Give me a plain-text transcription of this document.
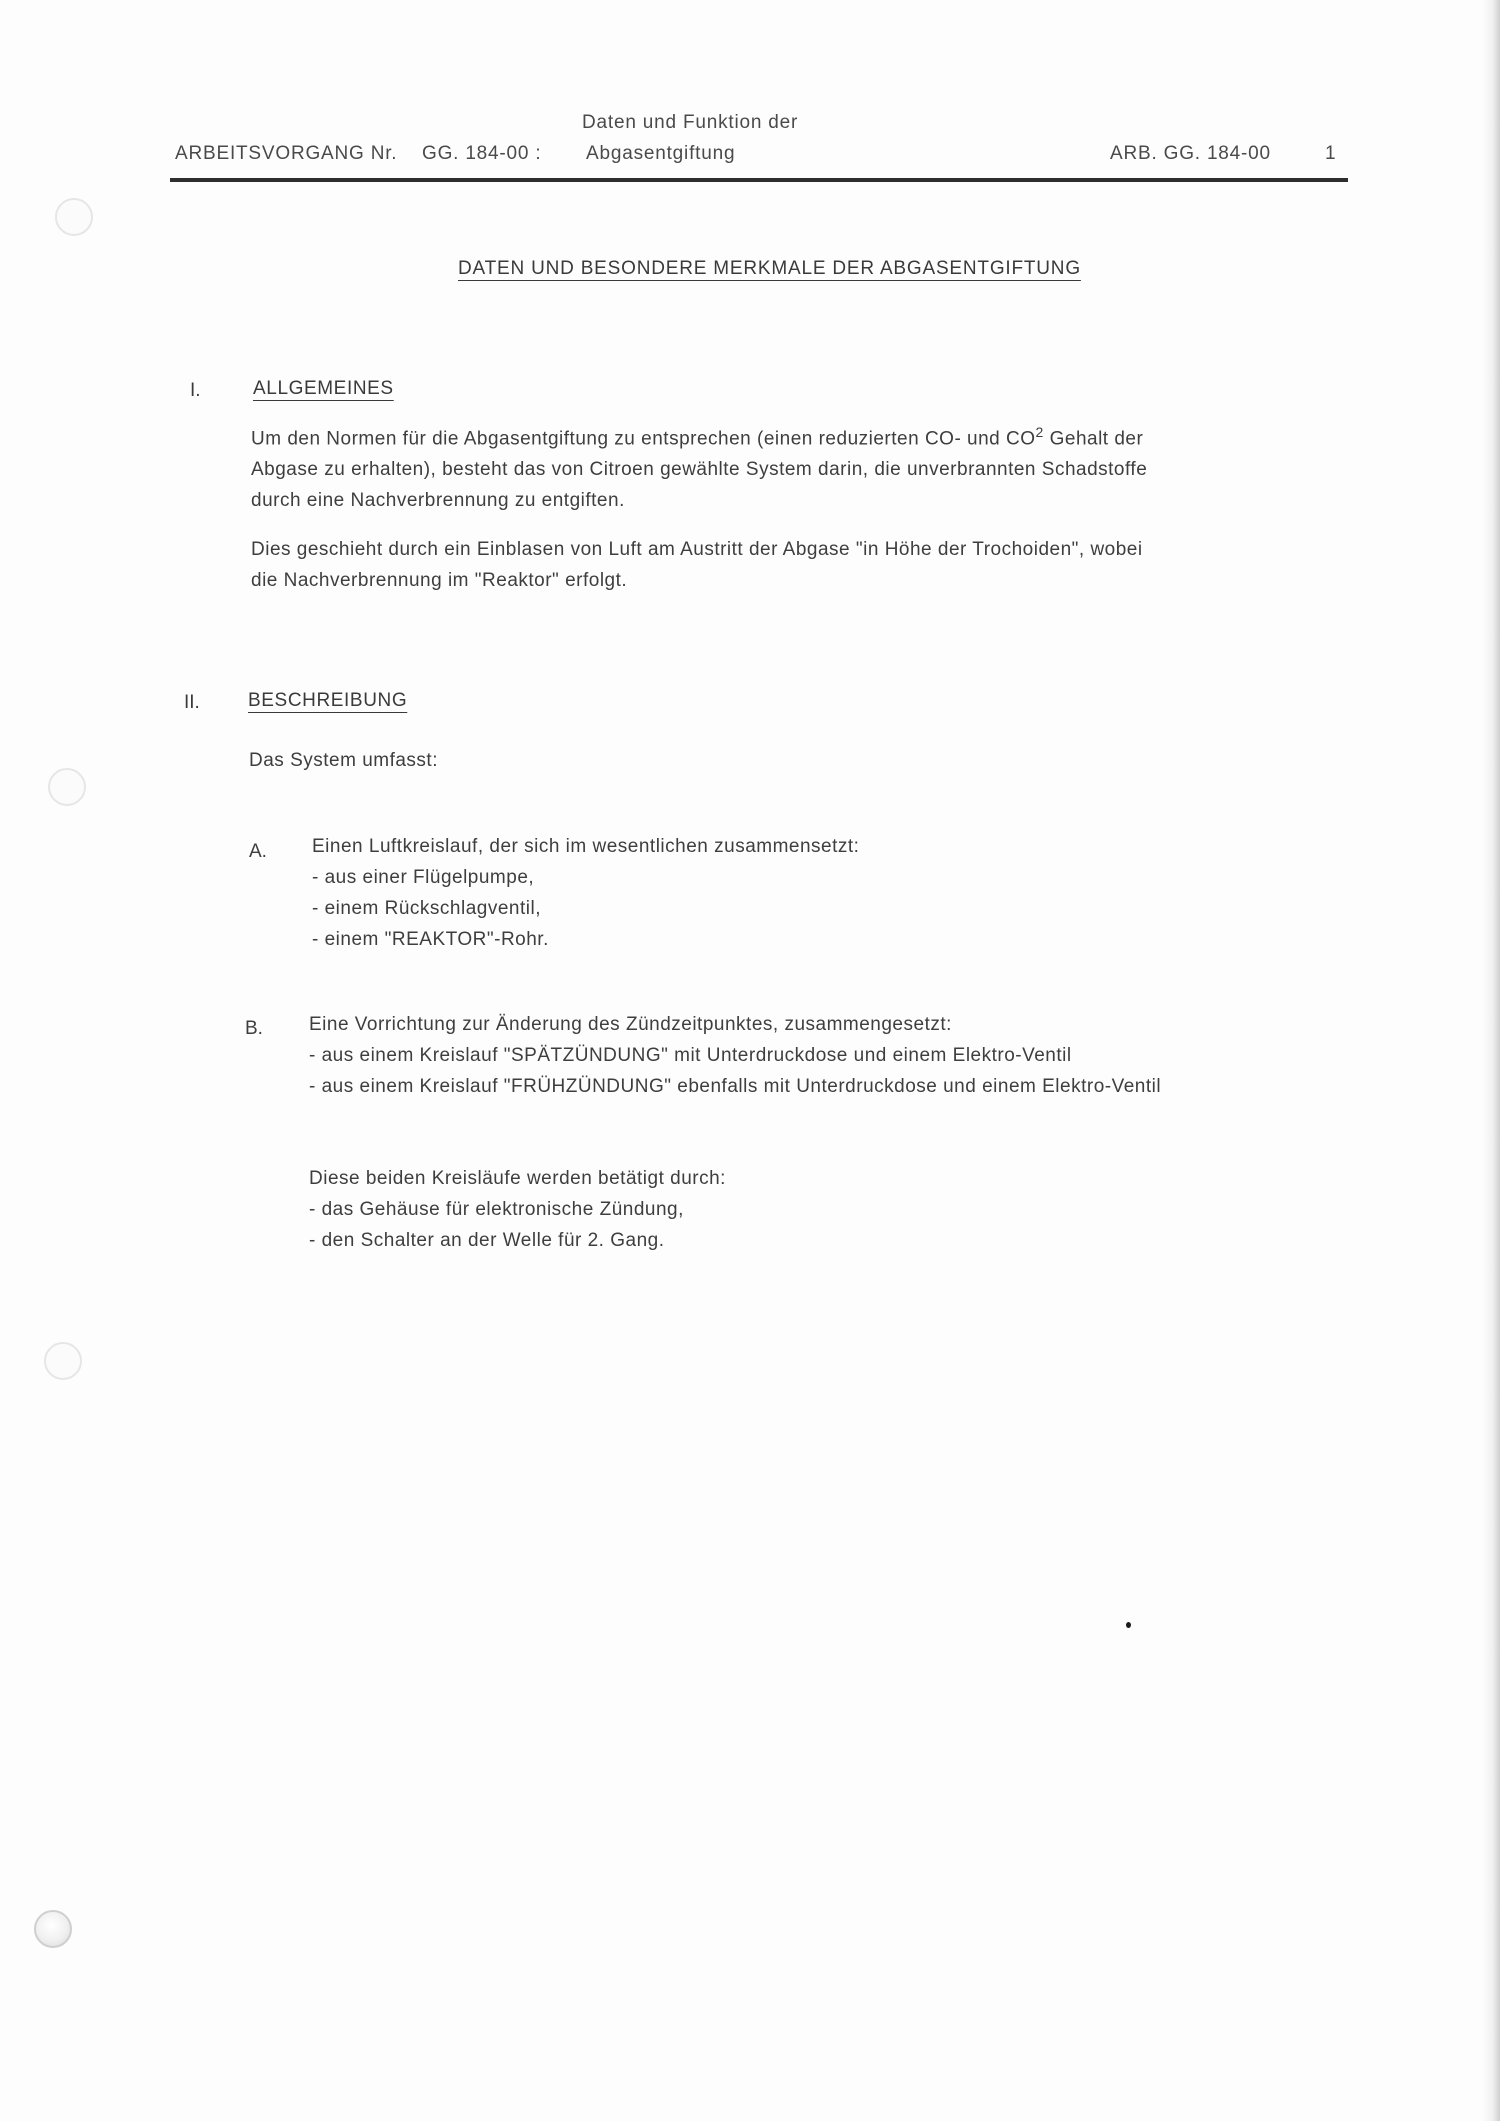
ARBEITSVORGANG Nr. GG. 184-00 :
Daten und Funktion der
Abgasentgiftung	ARB. GG. 184-00	1
DATEN UND BESONDERE MERKMALE DER ABGASENTGIFTUNG
I.	ALLGEMEINES
Um den Normen für die Abgasentgiftung zu entsprechen (einen reduzierten CO- und $CO^2$ Gehalt der
Abgase zu erhalten), besteht das von Citroen gewählte System darin, die unverbrannten Schadstoffe
durch eine Nachverbrennung zu entgiften.
Dies geschieht durch ein Einblasen von Luft am Austritt der Abgase "in Höhe der Trochoiden", wobei
die Nachverbrennung im "Reaktor" erfolgt.
II.	BESCHREIBUNG
Das System umfasst:
A. Einen Luftkreislauf, der sich im wesentlichen zusammensetzt:
- aus einer Flügelpumpe,
- einem Rückschlagventil,
- einem "REAKTOR"-Rohr.
B. Eine Vorrichtung zur Änderung des Zündzeitpunktes, zusammengesetzt:
- aus einem Kreislauf "SPÄTZÜNDUNG" mit Unterdruckdose und einem Elektro-Ventil
- aus einem Kreislauf "FRÜHZÜNDUNG" ebenfalls mit Unterdruckdose und einem Elektro-Ventil
Diese beiden Kreisläufe werden betätigt durch:
- das Gehäuse für elektronische Zündung,
- den Schalter an der Welle für 2. Gang.
